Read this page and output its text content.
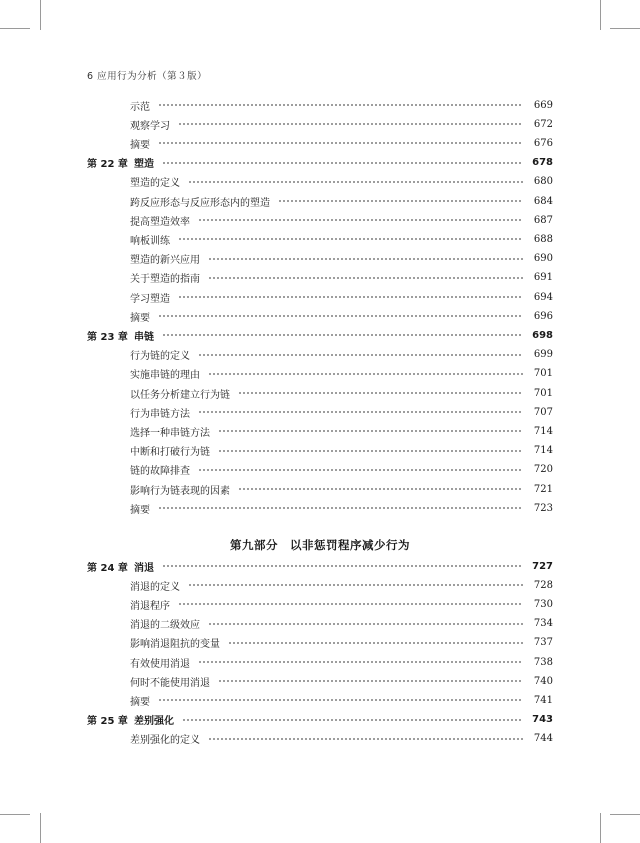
6 应用行为分析（第３版）
示范	669
观察学习	672
摘要	676
第 22 章 塑造	678
塑造的定义	680
跨反应形态与反应形态内的塑造	684
提高塑造效率	687
响板训练	688
塑造的新兴应用	690
关于塑造的指南	691
学习塑造	694
摘要	696
第 23 章 串链	698
行为链的定义	699
实施串链的理由	701
以任务分析建立行为链	701
行为串链方法	707
选择一种串链方法	714
中断和打破行为链	714
链的故障排查	720
影响行为链表现的因素	721
摘要	723
第 24 章 消退	727
消退的定义	728
消退程序	730
消退的二级效应	734
影响消退阻抗的变量	737
有效使用消退	738
何时不能使用消退	740
摘要	741
第 25 章 差别强化	743
差别强化的定义	744
第九部分　以非惩罚程序减少行为
